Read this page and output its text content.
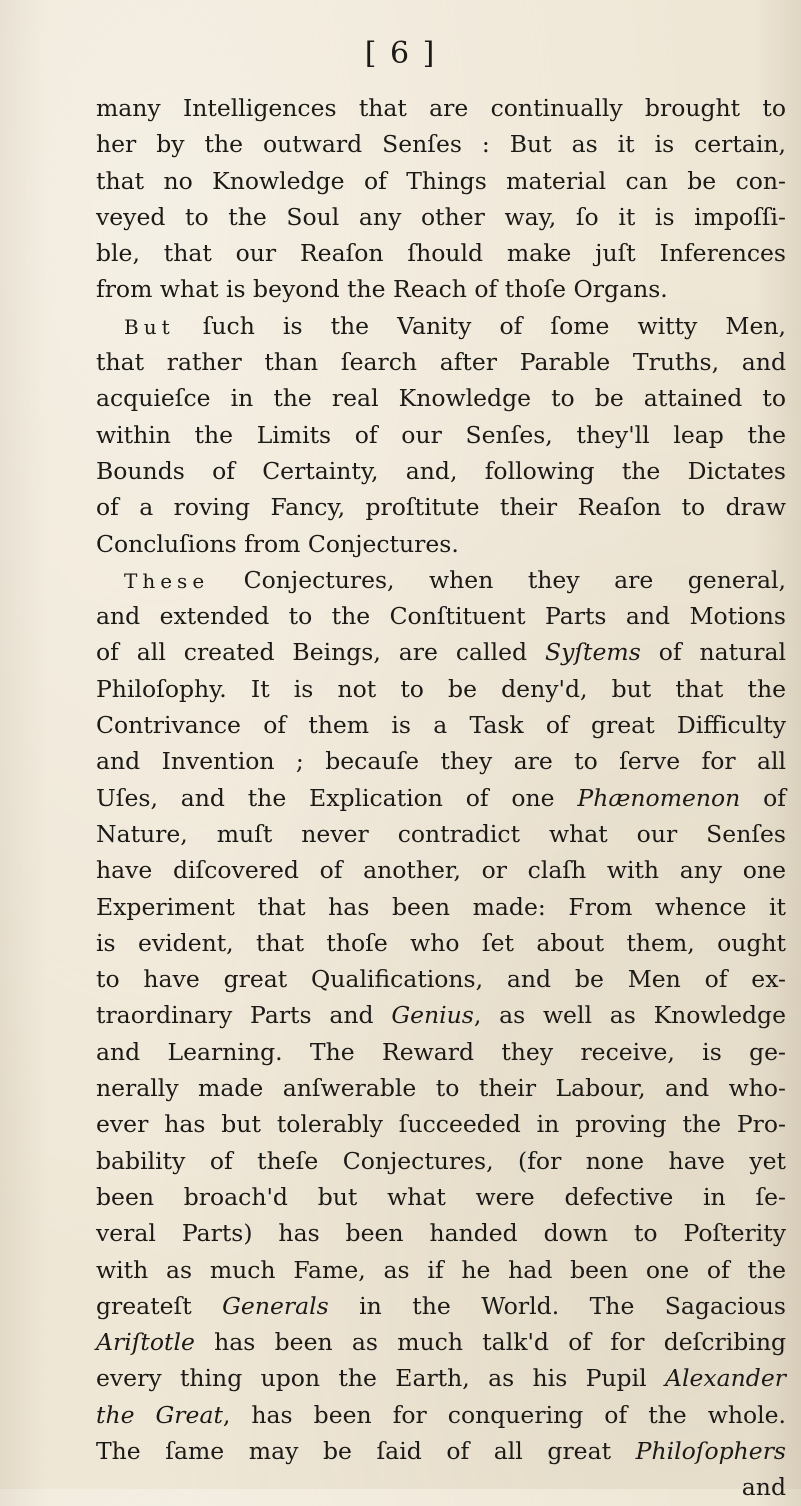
[ 6 ]
many Intelligences that are continually brought to
her by the outward Senſes : But as it is certain,
that no Knowledge of Things material can be con-
veyed to the Soul any other way, ſo it is impoſſi-
ble, that our Reaſon ſhould make juſt Inferences
from what is beyond the Reach of thoſe Organs.
But ſuch is the Vanity of ſome witty Men,
that rather than ſearch after Parable Truths, and
acquieſce in the real Knowledge to be attained to
within the Limits of our Senſes, they'll leap the
Bounds of Certainty, and, following the Dictates
of a roving Fancy, proſtitute their Reaſon to draw
Concluſions from Conjectures.
These Conjectures, when they are general,
and extended to the Conſtituent Parts and Motions
of all created Beings, are called Syſtems of natural
Philoſophy. It is not to be deny'd, but that the
Contrivance of them is a Task of great Difficulty
and Invention ; becauſe they are to ſerve for all
Uſes, and the Explication of one Phænomenon of
Nature, muſt never contradict what our Senſes
have diſcovered of another, or claſh with any one
Experiment that has been made: From whence it
is evident, that thoſe who ſet about them, ought
to have great Qualifications, and be Men of ex-
traordinary Parts and Genius, as well as Knowledge
and Learning. The Reward they receive, is ge-
nerally made anſwerable to their Labour, and who-
ever has but tolerably ſucceeded in proving the Pro-
bability of theſe Conjectures, (for none have yet
been broach'd but what were defective in ſe-
veral Parts) has been handed down to Poſterity
with as much Fame, as if he had been one of the
greateſt Generals in the World. The Sagacious
Ariſtotle has been as much talk'd of for deſcribing
every thing upon the Earth, as his Pupil Alexander
the Great, has been for conquering of the whole.
The ſame may be ſaid of all great Philoſophers
and
